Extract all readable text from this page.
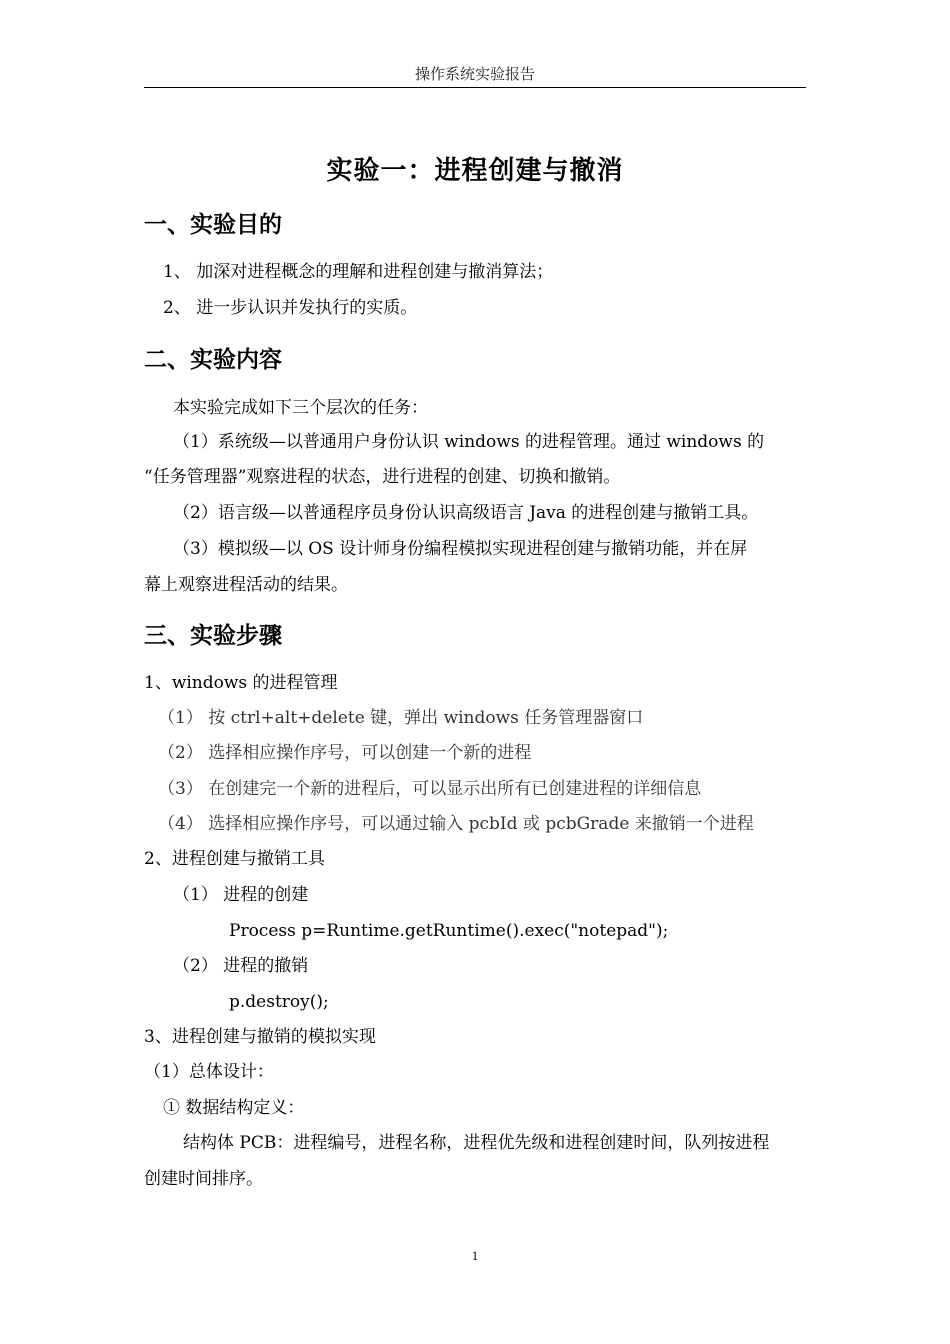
操作系统实验报告
实验一：进程创建与撤消
一、实验目的
1、 加深对进程概念的理解和进程创建与撤消算法；
2、 进一步认识并发执行的实质。
二、实验内容
本实验完成如下三个层次的任务：
（1）系统级—以普通用户身份认识 windows 的进程管理。通过 windows 的
“任务管理器”观察进程的状态，进行进程的创建、切换和撤销。
（2）语言级—以普通程序员身份认识高级语言 Java 的进程创建与撤销工具。
（3）模拟级—以 OS 设计师身份编程模拟实现进程创建与撤销功能，并在屏
幕上观察进程活动的结果。
三、实验步骤
1、windows 的进程管理
（1） 按 ctrl+alt+delete 键，弹出 windows 任务管理器窗口
（2） 选择相应操作序号，可以创建一个新的进程
（3） 在创建完一个新的进程后，可以显示出所有已创建进程的详细信息
（4） 选择相应操作序号，可以通过输入 pcbId 或 pcbGrade 来撤销一个进程
2、进程创建与撤销工具
（1） 进程的创建
Process p=Runtime.getRuntime().exec("notepad");
（2） 进程的撤销
p.destroy();
3、进程创建与撤销的模拟实现
（1）总体设计：
① 数据结构定义：
结构体 PCB：进程编号，进程名称，进程优先级和进程创建时间，队列按进程
创建时间排序。
1
